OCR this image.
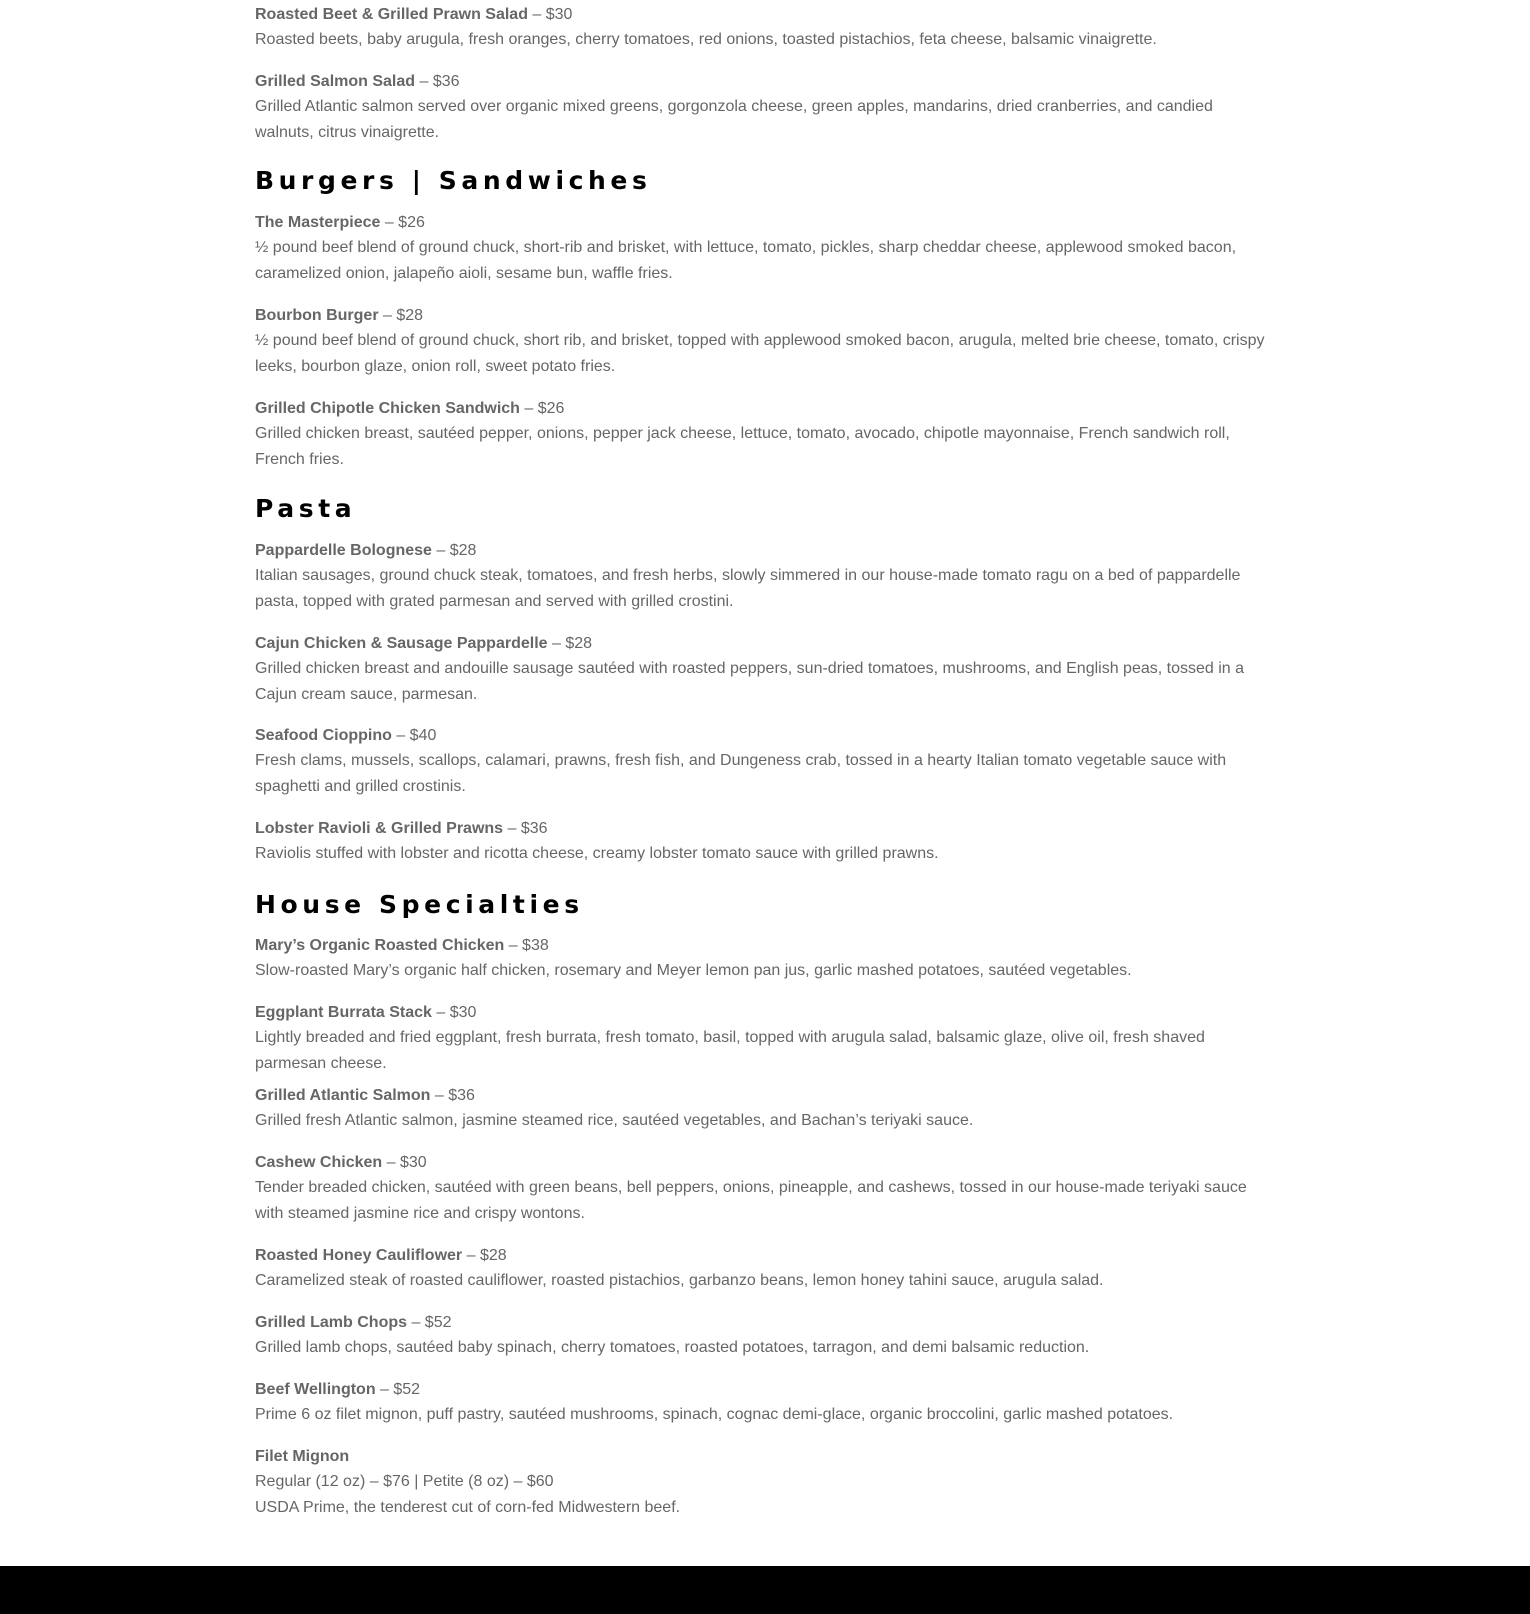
Roasted Beet & Grilled Prawn Salad – $30

Roasted beets, baby arugula, fresh oranges, cherry tomatoes, red onions, toasted pistachios, feta cheese, balsamic vinaigrette.

Grilled Salmon Salad – $36

Grilled Atlantic salmon served over organic mixed greens, gorgonzola cheese, green apples, mandarins, dried cranberries, and candied

walnuts, citrus vinaigrette.

Burgers | Sandwiches

The Masterpiece – $26

½ pound beef blend of ground chuck, short-rib and brisket, with lettuce, tomato, pickles, sharp cheddar cheese, applewood smoked bacon,

caramelized onion, jalapeño aioli, sesame bun, waffle fries.

Bourbon Burger – $28

½ pound beef blend of ground chuck, short rib, and brisket, topped with applewood smoked bacon, arugula, melted brie cheese, tomato, crispy

leeks, bourbon glaze, onion roll, sweet potato fries.

Grilled Chipotle Chicken Sandwich – $26

Grilled chicken breast, sautéed pepper, onions, pepper jack cheese, lettuce, tomato, avocado, chipotle mayonnaise, French sandwich roll,

French fries.

Pasta

Pappardelle Bolognese – $28

Italian sausages, ground chuck steak, tomatoes, and fresh herbs, slowly simmered in our house-made tomato ragu on a bed of pappardelle

pasta, topped with grated parmesan and served with grilled crostini.

Cajun Chicken & Sausage Pappardelle – $28

Grilled chicken breast and andouille sausage sautéed with roasted peppers, sun-dried tomatoes, mushrooms, and English peas, tossed in a

Cajun cream sauce, parmesan.

Seafood Cioppino – $40

Fresh clams, mussels, scallops, calamari, prawns, fresh fish, and Dungeness crab, tossed in a hearty Italian tomato vegetable sauce with

spaghetti and grilled crostinis.

Lobster Ravioli & Grilled Prawns – $36

Raviolis stuffed with lobster and ricotta cheese, creamy lobster tomato sauce with grilled prawns.

House Specialties

Mary’s Organic Roasted Chicken – $38

Slow-roasted Mary’s organic half chicken, rosemary and Meyer lemon pan jus, garlic mashed potatoes, sautéed vegetables.

Eggplant Burrata Stack – $30

Lightly breaded and fried eggplant, fresh burrata, fresh tomato, basil, topped with arugula salad, balsamic glaze, olive oil, fresh shaved

parmesan cheese.

Grilled Atlantic Salmon – $36

Grilled fresh Atlantic salmon, jasmine steamed rice, sautéed vegetables, and Bachan’s teriyaki sauce.

Cashew Chicken – $30

Tender breaded chicken, sautéed with green beans, bell peppers, onions, pineapple, and cashews, tossed in our house-made teriyaki sauce

with steamed jasmine rice and crispy wontons.

Roasted Honey Cauliflower – $28

Caramelized steak of roasted cauliflower, roasted pistachios, garbanzo beans, lemon honey tahini sauce, arugula salad.

Grilled Lamb Chops – $52

Grilled lamb chops, sautéed baby spinach, cherry tomatoes, roasted potatoes, tarragon, and demi balsamic reduction.

Beef Wellington – $52

Prime 6 oz filet mignon, puff pastry, sautéed mushrooms, spinach, cognac demi-glace, organic broccolini, garlic mashed potatoes.

Filet Mignon

Regular (12 oz) – $76 | Petite (8 oz) – $60

USDA Prime, the tenderest cut of corn-fed Midwestern beef.
